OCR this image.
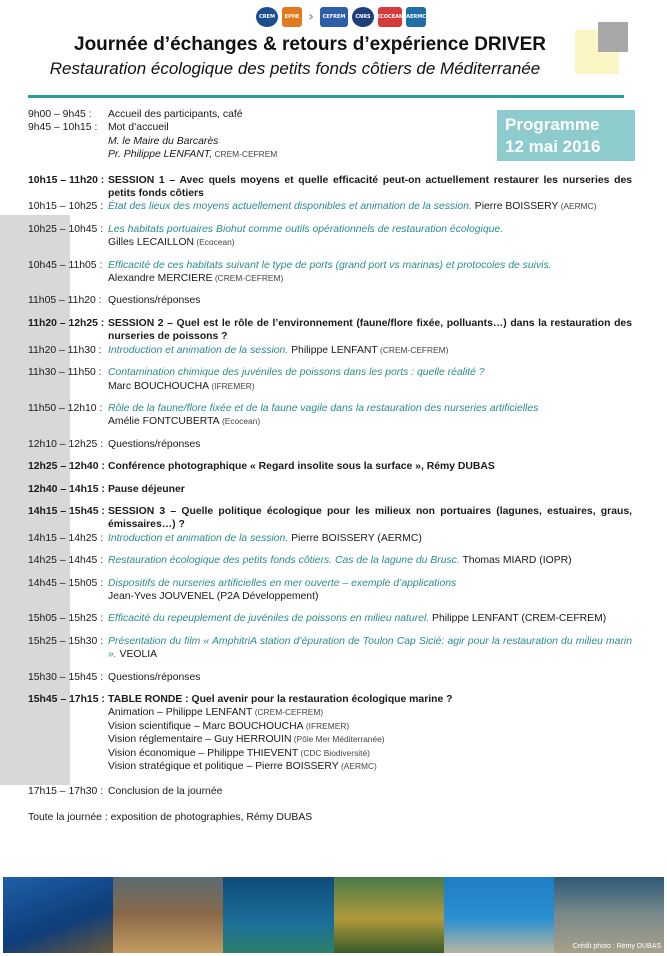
CREM	EPHE ›	CEFREM	CNRS	ECOCEAN AERMC
Journée d’échanges & retours d’expérience DRIVER
Restauration écologique des petits fonds côtiers de Méditerranée
Programme
12 mai 2016
9h00 – 9h45 :	Accueil des participants, café
9h45 – 10h15 :	Mot d’accueil
M. le Maire du Barcarès
Pr. Philippe LENFANT, CREM-CEFREM
10h15 – 11h20 : SESSION 1 – Avec quels moyens et quelle efficacité peut-on actuellement restaurer les nurseries des petits fonds côtiers
10h15 – 10h25 : État des lieux des moyens actuellement disponibles et animation de la session. Pierre BOISSERY (AERMC)
10h25 – 10h45 : Les habitats portuaires Biohut comme outils opérationnels de restauration écologique.
Gilles LECAILLON (Ecocean)
10h45 – 11h05 : Efficacité de ces habitats suivant le type de ports (grand port vs marinas) et protocoles de suivis.
Alexandre MERCIERE (CREM-CEFREM)
11h05 – 11h20 : Questions/réponses
11h20 – 12h25 : SESSION 2 – Quel est le rôle de l’environnement (faune/flore fixée, polluants…) dans la restauration des nurseries de poissons ?
11h20 – 11h30 : Introduction et animation de la session. Philippe LENFANT (CREM-CEFREM)
11h30 – 11h50 : Contamination chimique des juvéniles de poissons dans les ports : quelle réalité ?
Marc BOUCHOUCHA (IFREMER)
11h50 – 12h10 : Rôle de la faune/flore fixée et de la faune vagile dans la restauration des nurseries artificielles
Amélie FONTCUBERTA (Ecocean)
12h10 – 12h25 : Questions/réponses
12h25 – 12h40 : Conférence photographique « Regard insolite sous la surface », Rémy DUBAS
12h40 – 14h15 : Pause déjeuner
14h15 – 15h45 : SESSION 3 – Quelle politique écologique pour les milieux non portuaires (lagunes, estuaires, graus, émissaires…) ?
14h15 – 14h25 : Introduction et animation de la session. Pierre BOISSERY (AERMC)
14h25 – 14h45 : Restauration écologique des petits fonds côtiers. Cas de la lagune du Brusc. Thomas MIARD (IOPR)
14h45 – 15h05 : Dispositifs de nurseries artificielles en mer ouverte – exemple d’applications
Jean-Yves JOUVENEL (P2A Développement)
15h05 – 15h25 : Efficacité du repeuplement de juvéniles de poissons en milieu naturel. Philippe LENFANT (CREM-CEFREM)
15h25 – 15h30 : Présentation du film « AmphitriA station d’épuration de Toulon Cap Sicié: agir pour la restauration du milieu marin ». VEOLIA
15h30 – 15h45 : Questions/réponses
15h45 – 17h15 : TABLE RONDE : Quel avenir pour la restauration écologique marine ?
Animation – Philippe LENFANT (CREM-CEFREM)
Vision scientifique – Marc BOUCHOUCHA (IFREMER)
Vision réglementaire – Guy HERROUIN (Pôle Mer Méditerranée)
Vision économique – Philippe THIEVENT (CDC Biodiversité)
Vision stratégique et politique – Pierre BOISSERY (AERMC)
17h15 – 17h30 : Conclusion de la journée
Toute la journée : exposition de photographies, Rémy DUBAS
Crédit photo : Rémy DUBAS
